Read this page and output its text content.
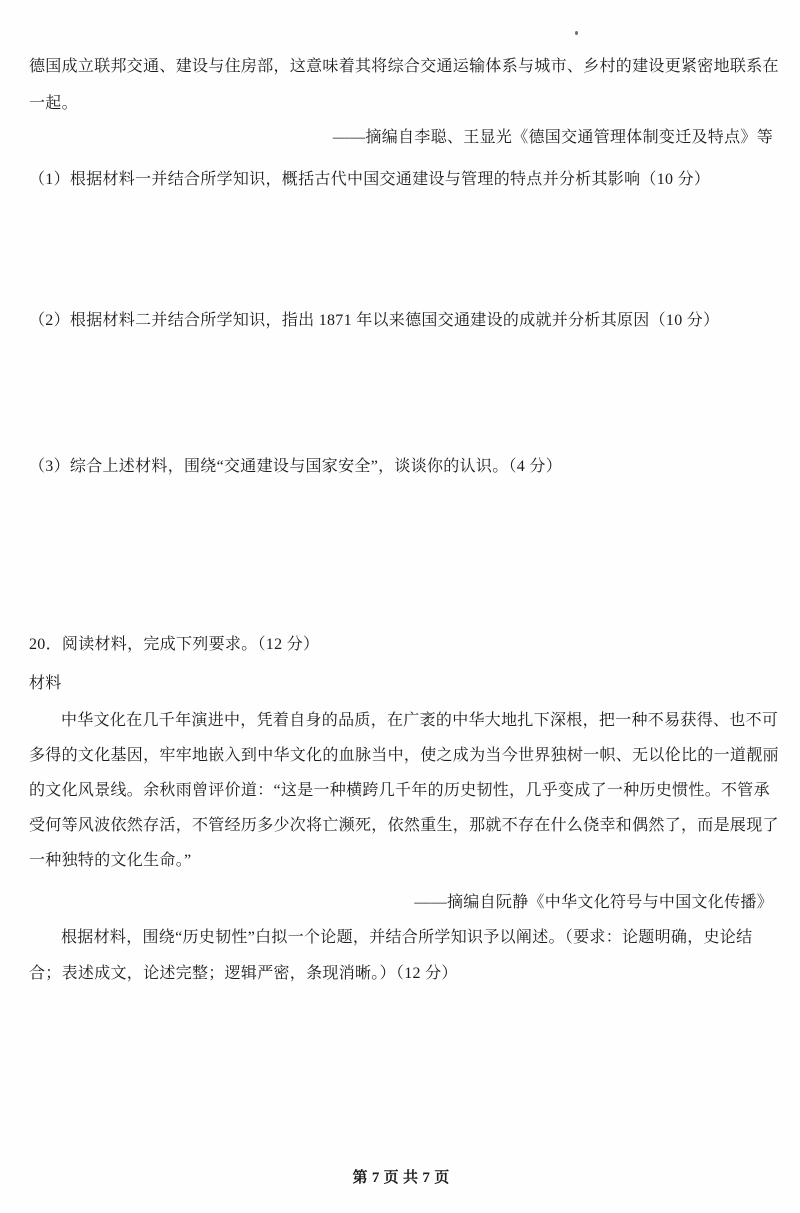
德国成立联邦交通、建设与住房部，这意味着其将综合交通运输体系与城市、乡村的建设更紧密地联系在
一起。
——摘编自李聪、王显光《德国交通管理体制变迁及特点》等
（1）根据材料一并结合所学知识，概括古代中国交通建设与管理的特点并分析其影响（10 分）
（2）根据材料二并结合所学知识，指出 1871 年以来德国交通建设的成就并分析其原因（10 分）
（3）综合上述材料，围绕“交通建设与国家安全”，谈谈你的认识。（4 分）
20．阅读材料，完成下列要求。（12 分）
材料
中华文化在几千年演进中，凭着自身的品质，在广袤的中华大地扎下深根，把一种不易获得、也不可
多得的文化基因，牢牢地嵌入到中华文化的血脉当中，使之成为当今世界独树一帜、无以伦比的一道靓丽
的文化风景线。余秋雨曾评价道：“这是一种横跨几千年的历史韧性，几乎变成了一种历史惯性。不管承
受何等风波依然存活，不管经历多少次将亡濒死，依然重生，那就不存在什么侥幸和偶然了，而是展现了
一种独特的文化生命。”
——摘编自阮静《中华文化符号与中国文化传播》
根据材料，围绕“历史韧性”白拟一个论题，并结合所学知识予以阐述。（要求：论题明确，史论结
合；表述成文，论述完整；逻辑严密，条现消晰。）（12 分）
第 7 页 共 7 页
